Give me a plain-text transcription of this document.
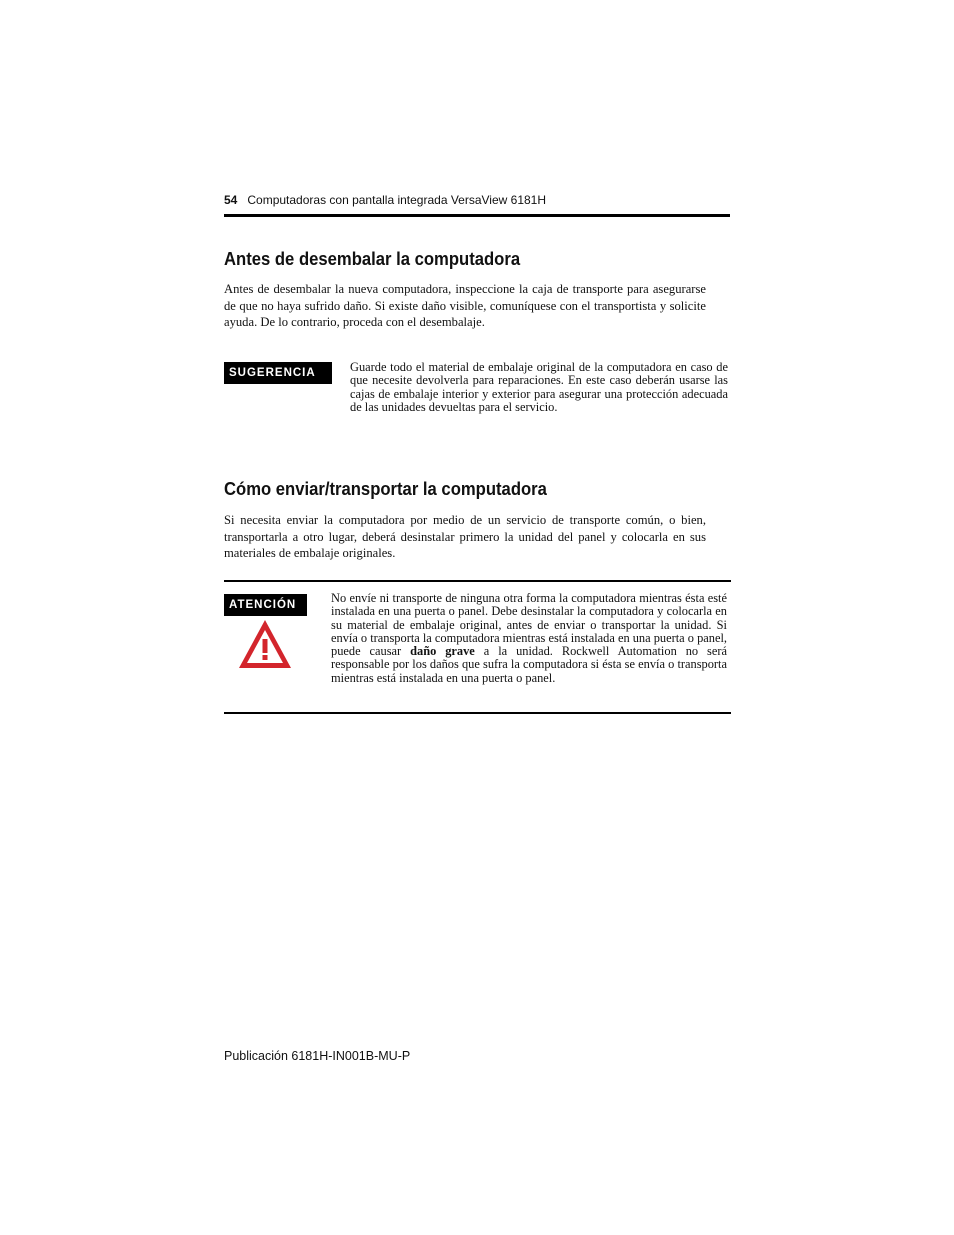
54 Computadoras con pantalla integrada VersaView 6181H
Antes de desembalar la computadora

Antes de desembalar la nueva computadora, inspeccione la caja de transporte para asegurarse de que no haya sufrido daño. Si existe daño visible, comuníquese con el transportista y solicite ayuda. De lo contrario, proceda con el desembalaje.

SUGERENCIA	Guarde todo el material de embalaje original de la computadora en caso de que necesite devolverla para reparaciones. En este caso deberán usarse las cajas de embalaje interior y exterior para asegurar una protección adecuada de las unidades devueltas para el servicio.

Cómo enviar/transportar la computadora

Si necesita enviar la computadora por medio de un servicio de transporte común, o bien, transportarla a otro lugar, deberá desinstalar primero la unidad del panel y colocarla en sus materiales de embalaje originales.

ATENCIÓN	No envíe ni transporte de ninguna otra forma la computadora mientras ésta esté instalada en una puerta o panel. Debe desinstalar la computadora y colocarla en su material de embalaje original, antes de enviar o transportar la unidad. Si envía o transporta la computadora mientras está instalada en una puerta o panel, puede causar daño grave a la unidad. Rockwell Automation no será responsable por los daños que sufra la computadora si ésta se envía o transporta mientras está instalada en una puerta o panel.

Publicación 6181H-IN001B-MU-P
